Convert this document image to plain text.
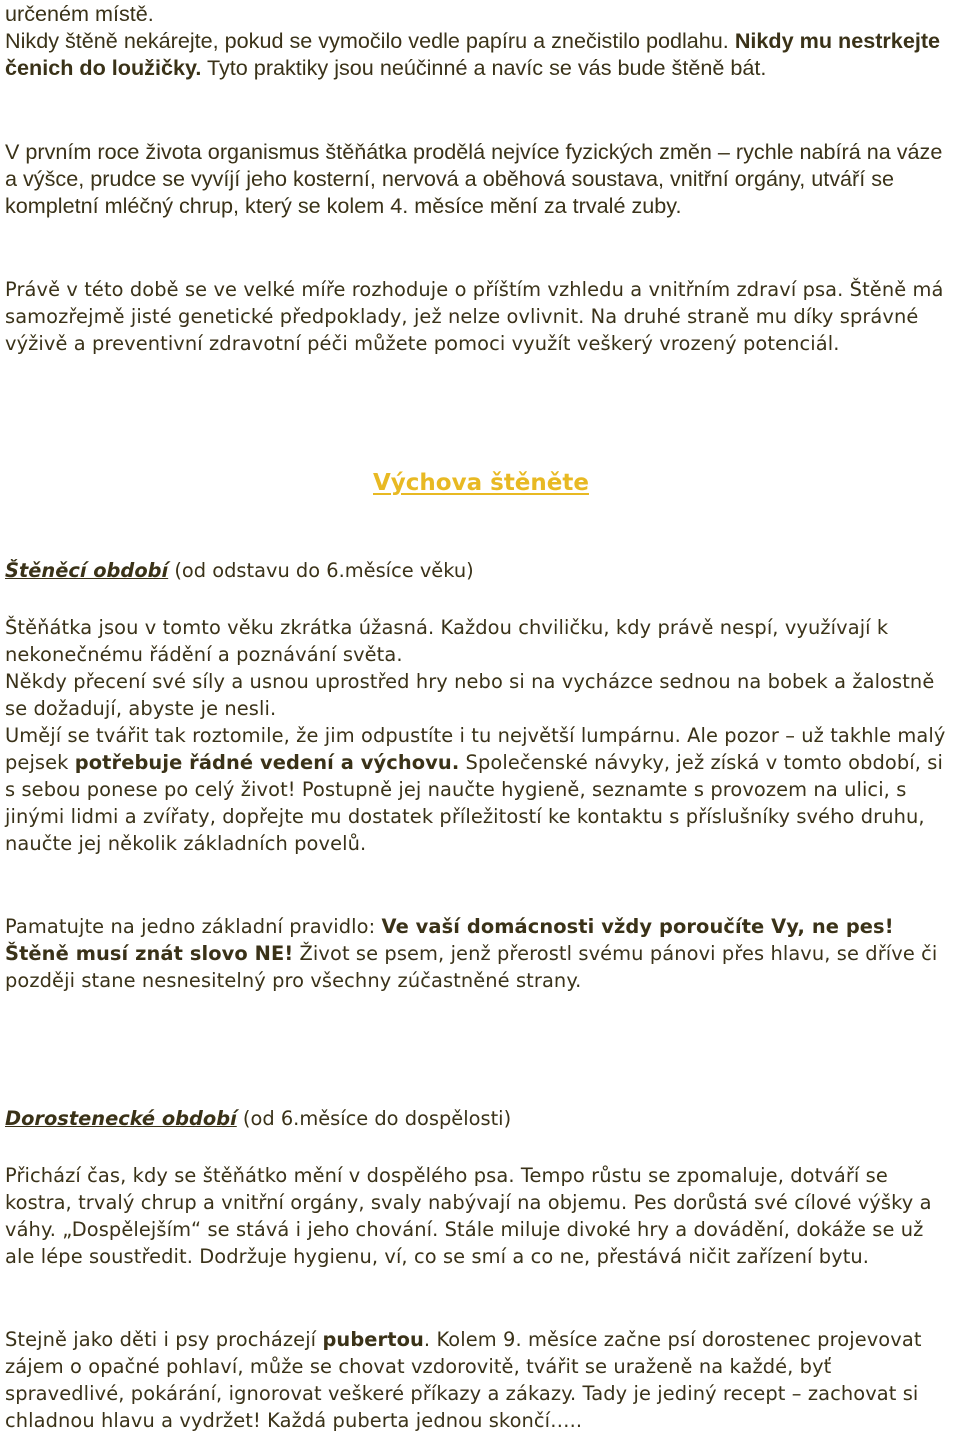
určeném místě.

Nikdy štěně nekárejte, pokud se vymočilo vedle papíru a znečistilo podlahu. Nikdy mu nestrkejte čenich do loužičky. Tyto praktiky jsou neúčinné a navíc se vás bude štěně bát.

V prvním roce života organismus štěňátka prodělá nejvíce fyzických změn – rychle nabírá na váze a výšce, prudce se vyvíjí jeho kosterní, nervová a oběhová soustava, vnitřní orgány, utváří se kompletní mléčný chrup, který se kolem 4. měsíce mění za trvalé zuby.

Právě v této době se ve velké míře rozhoduje o příštím vzhledu a vnitřním zdraví psa. Štěně má samozřejmě jisté genetické předpoklady, jež nelze ovlivnit. Na druhé straně mu díky správné výživě a preventivní zdravotní péči můžete pomoci využít veškerý vrozený potenciál.

Výchova štěněte
Štěněcí období (od odstavu do 6.měsíce věku)

Štěňátka jsou v tomto věku zkrátka úžasná. Každou chviličku, kdy právě nespí, využívají k nekonečnému řádění a poznávání světa.

Někdy přecení své síly a usnou uprostřed hry nebo si na vycházce sednou na bobek a žalostně se dožadují, abyste je nesli.

Umějí se tvářit tak roztomile, že jim odpustíte i tu největší lumpárnu. Ale pozor – už takhle malý pejsek potřebuje řádné vedení a výchovu. Společenské návyky, jež získá v tomto období, si s sebou ponese po celý život! Postupně jej naučte hygieně, seznamte s provozem na ulici, s jinými lidmi a zvířaty, dopřejte mu dostatek příležitostí ke kontaktu s příslušníky svého druhu, naučte jej několik základních povelů.

Pamatujte na jedno základní pravidlo: Ve vaší domácnosti vždy poroučíte Vy, ne pes! Štěně musí znát slovo NE! Život se psem, jenž přerostl svému pánovi přes hlavu, se dříve či později stane nesnesitelný pro všechny zúčastněné strany.

Dorostenecké období (od 6.měsíce do dospělosti)

Přichází čas, kdy se štěňátko mění v dospělého psa. Tempo růstu se zpomaluje, dotváří se kostra, trvalý chrup a vnitřní orgány, svaly nabývají na objemu. Pes dorůstá své cílové výšky a váhy. „Dospělejším“ se stává i jeho chování. Stále miluje divoké hry a dovádění, dokáže se už ale lépe soustředit. Dodržuje hygienu, ví, co se smí a co ne, přestává ničit zařízení bytu.

Stejně jako děti i psy procházejí pubertou. Kolem 9. měsíce začne psí dorostenec projevovat zájem o opačné pohlaví, může se chovat vzdorovitě, tvářit se uraženě na každé, byť spravedlivé, pokárání, ignorovat veškeré příkazy a zákazy. Tady je jediný recept – zachovat si chladnou hlavu a vydržet! Každá puberta jednou skončí…..
